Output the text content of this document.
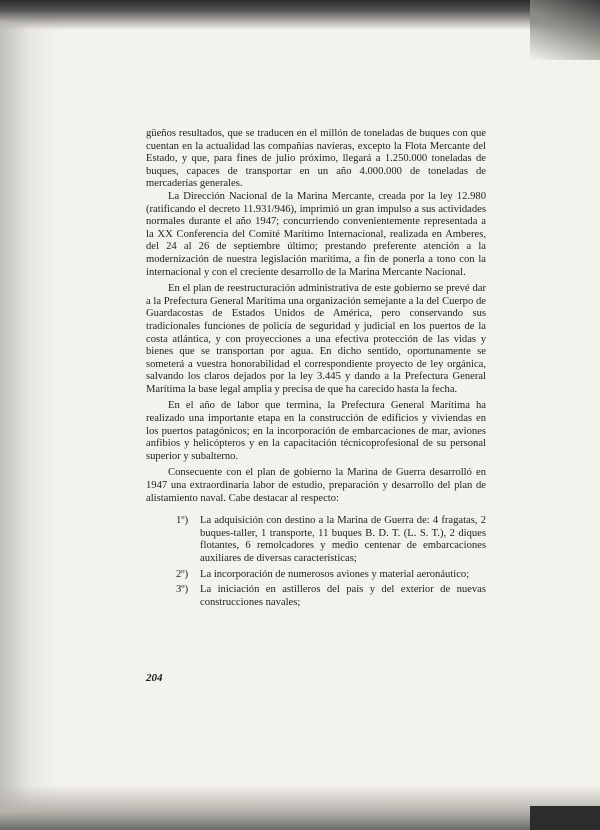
güeños resultados, que se traducen en el millón de toneladas de buques con que cuentan en la actualidad las compañías navieras, excepto la Flota Mercante del Estado, y que, para fines de julio próximo, llegará a 1.250.000 toneladas de buques, capaces de transportar en un año 4.000.000 de toneladas de mercaderías generales.

La Dirección Nacional de la Marina Mercante, creada por la ley 12.980 (ratificando el decreto 11.931/946), imprimió un gran impulso a sus actividades normales durante el año 1947; concurriendo convenientemente representada a la XX Conferencia del Comité Marítimo Internacional, realizada en Amberes, del 24 al 26 de septiembre último; prestando preferente atención a la modernización de nuestra legislación marítima, a fin de ponerla a tono con la internacional y con el creciente desarrollo de la Marina Mercante Nacional.

En el plan de reestructuración administrativa de este gobierno se prevé dar a la Prefectura General Marítima una organización semejante a la del Cuerpo de Guardacostas de Estados Unidos de América, pero conservando sus tradicionales funciones de policía de seguridad y judicial en los puertos de la costa atlántica, y con proyecciones a una efectiva protección de las vidas y bienes que se transportan por agua. En dicho sentido, oportunamente se someterá a vuestra honorabilidad el correspondiente proyecto de ley orgánica, salvando los claros dejados por la ley 3.445 y dando a la Prefectura General Marítima la base legal amplia y precisa de que ha carecido hasta la fecha.

En el año de labor que termina, la Prefectura General Marítima ha realizado una importante etapa en la construcción de edificios y viviendas en los puertos patagónicos; en la incorporación de embarcaciones de mar, aviones anfibios y helicópteros y en la capacitación técnicoprofesional de su personal superior y subalterno.

Consecuente con el plan de gobierno la Marina de Guerra desarrolló en 1947 una extraordinaria labor de estudio, preparación y desarrollo del plan de alistamiento naval. Cabe destacar al respecto:

1º)	La adquisición con destino a la Marina de Guerra de: 4 fragatas, 2 buques-taller, 1 transporte, 11 buques B. D. T. (L. S. T.), 2 diques flotantes, 6 remolcadores y medio centenar de embarcaciones auxiliares de diversas características;
2º)	La incorporación de numerosos aviones y material aeronáutico;
3º)	La iniciación en astilleros del país y del exterior de nuevas construcciones navales;
204
